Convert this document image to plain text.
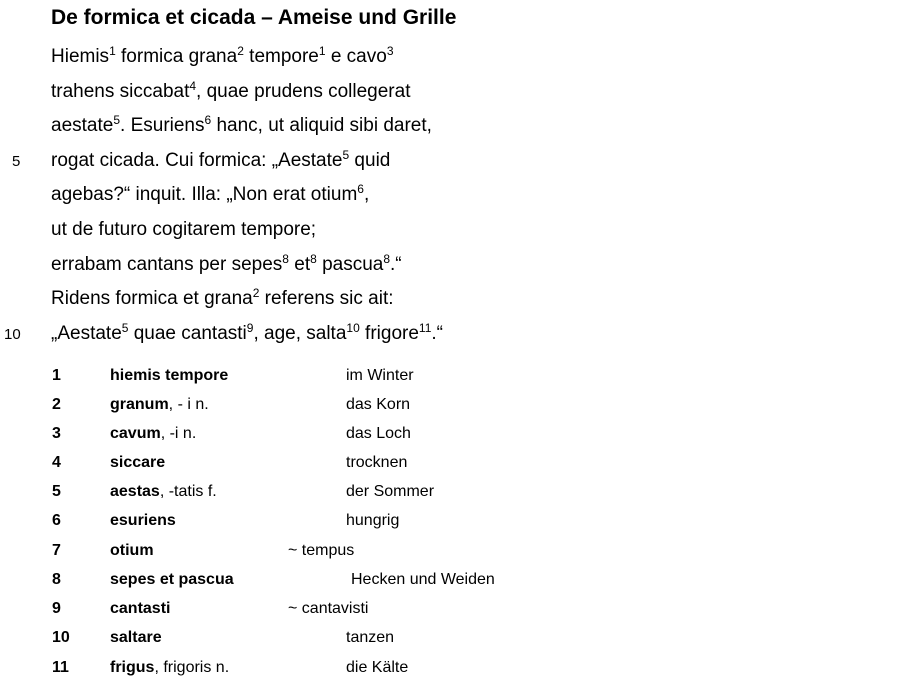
De formica et cicada – Ameise und Grille
5
10
Hiemis$^1$ formica grana$^2$ tempore$^1$ e cavo$^3$
trahens siccabat$^4$, quae prudens collegerat
aestate$^5$. Esuriens$^6$ hanc, ut aliquid sibi daret,
rogat cicada. Cui formica: „Aestate$^5$ quid
agebas?“ inquit. Illa: „Non erat otium$^6$,
ut de futuro cogitarem tempore;
errabam cantans per sepes$^8$ $et^8$ pascua$^8$.“
Ridens formica et grana$^2$ referens sic ait:
„Aestate$^5$ quae cantasti$^9$, age, salta$^{10}$ frigore$^{11}$.“
1	hiemis tempore	im Winter
2	granum, - i n.	das Korn
3	cavum, -i n.	das Loch
4	siccare	trocknen
5	aestas, -tatis f.	der Sommer
6	esuriens	hungrig
7	otium	~ tempus
8	sepes et pascua	Hecken und Weiden
9	cantasti	~ cantavisti
10	saltare	tanzen
11	frigus, frigoris n.	die Kälte
